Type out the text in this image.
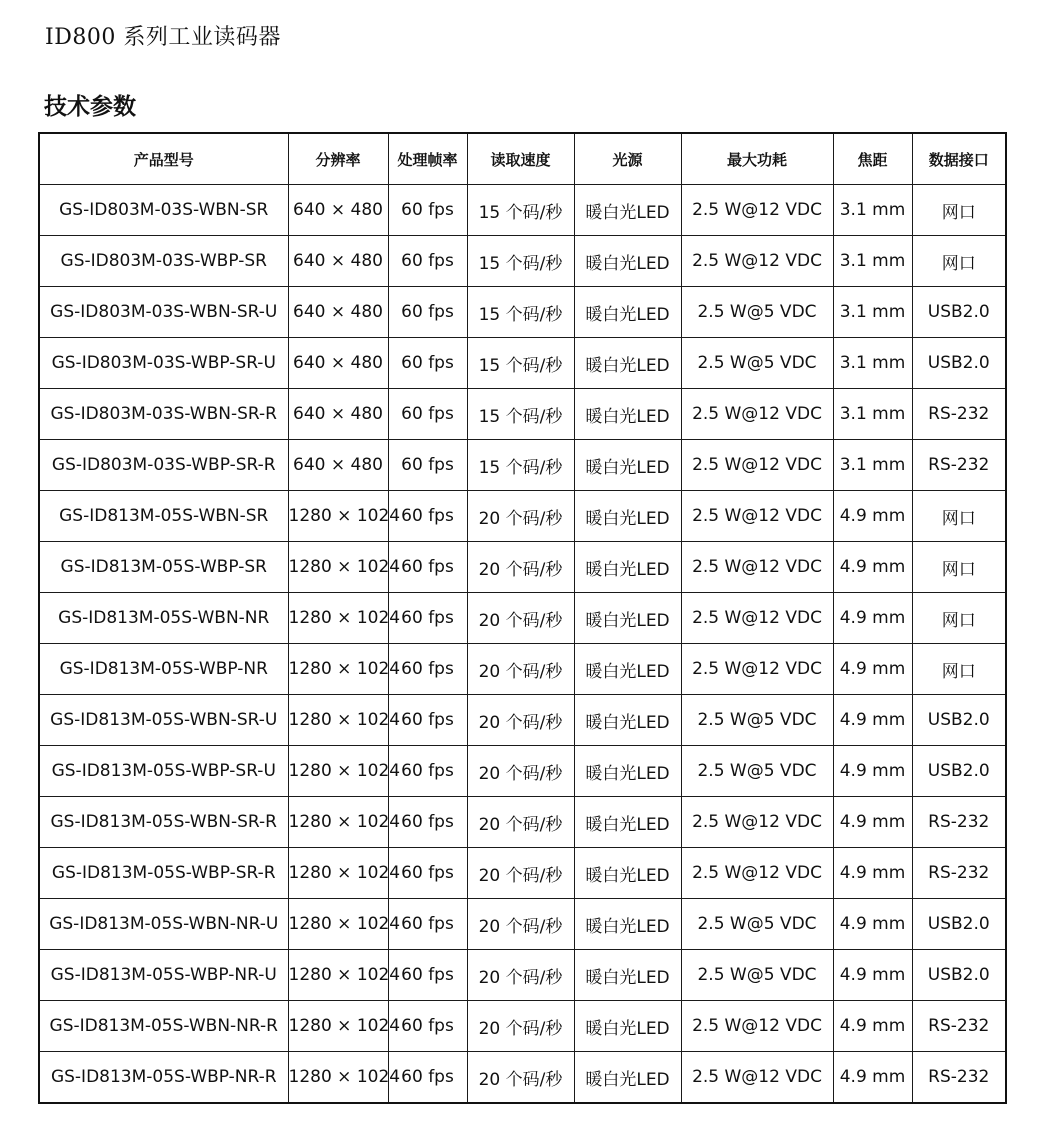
ID800 系列工业读码器
技术参数
产品型号	分辨率	处理帧率	读取速度	光源	最大功耗	焦距	数据接口
GS-ID803M-03S-WBN-SR	640 × 480	60 fps	15 个码/秒	暖白光LED	2.5 W@12 VDC	3.1 mm	网口
GS-ID803M-03S-WBP-SR	640 × 480	60 fps	15 个码/秒	暖白光LED	2.5 W@12 VDC	3.1 mm	网口
GS-ID803M-03S-WBN-SR-U	640 × 480	60 fps	15 个码/秒	暖白光LED	2.5 W@5 VDC	3.1 mm	USB2.0
GS-ID803M-03S-WBP-SR-U	640 × 480	60 fps	15 个码/秒	暖白光LED	2.5 W@5 VDC	3.1 mm	USB2.0
GS-ID803M-03S-WBN-SR-R	640 × 480	60 fps	15 个码/秒	暖白光LED	2.5 W@12 VDC	3.1 mm	RS-232
GS-ID803M-03S-WBP-SR-R	640 × 480	60 fps	15 个码/秒	暖白光LED	2.5 W@12 VDC	3.1 mm	RS-232
GS-ID813M-05S-WBN-SR	1280 × 1024	60 fps	20 个码/秒	暖白光LED	2.5 W@12 VDC	4.9 mm	网口
GS-ID813M-05S-WBP-SR	1280 × 1024	60 fps	20 个码/秒	暖白光LED	2.5 W@12 VDC	4.9 mm	网口
GS-ID813M-05S-WBN-NR	1280 × 1024	60 fps	20 个码/秒	暖白光LED	2.5 W@12 VDC	4.9 mm	网口
GS-ID813M-05S-WBP-NR	1280 × 1024	60 fps	20 个码/秒	暖白光LED	2.5 W@12 VDC	4.9 mm	网口
GS-ID813M-05S-WBN-SR-U	1280 × 1024	60 fps	20 个码/秒	暖白光LED	2.5 W@5 VDC	4.9 mm	USB2.0
GS-ID813M-05S-WBP-SR-U	1280 × 1024	60 fps	20 个码/秒	暖白光LED	2.5 W@5 VDC	4.9 mm	USB2.0
GS-ID813M-05S-WBN-SR-R	1280 × 1024	60 fps	20 个码/秒	暖白光LED	2.5 W@12 VDC	4.9 mm	RS-232
GS-ID813M-05S-WBP-SR-R	1280 × 1024	60 fps	20 个码/秒	暖白光LED	2.5 W@12 VDC	4.9 mm	RS-232
GS-ID813M-05S-WBN-NR-U	1280 × 1024	60 fps	20 个码/秒	暖白光LED	2.5 W@5 VDC	4.9 mm	USB2.0
GS-ID813M-05S-WBP-NR-U	1280 × 1024	60 fps	20 个码/秒	暖白光LED	2.5 W@5 VDC	4.9 mm	USB2.0
GS-ID813M-05S-WBN-NR-R	1280 × 1024	60 fps	20 个码/秒	暖白光LED	2.5 W@12 VDC	4.9 mm	RS-232
GS-ID813M-05S-WBP-NR-R	1280 × 1024	60 fps	20 个码/秒	暖白光LED	2.5 W@12 VDC	4.9 mm	RS-232
